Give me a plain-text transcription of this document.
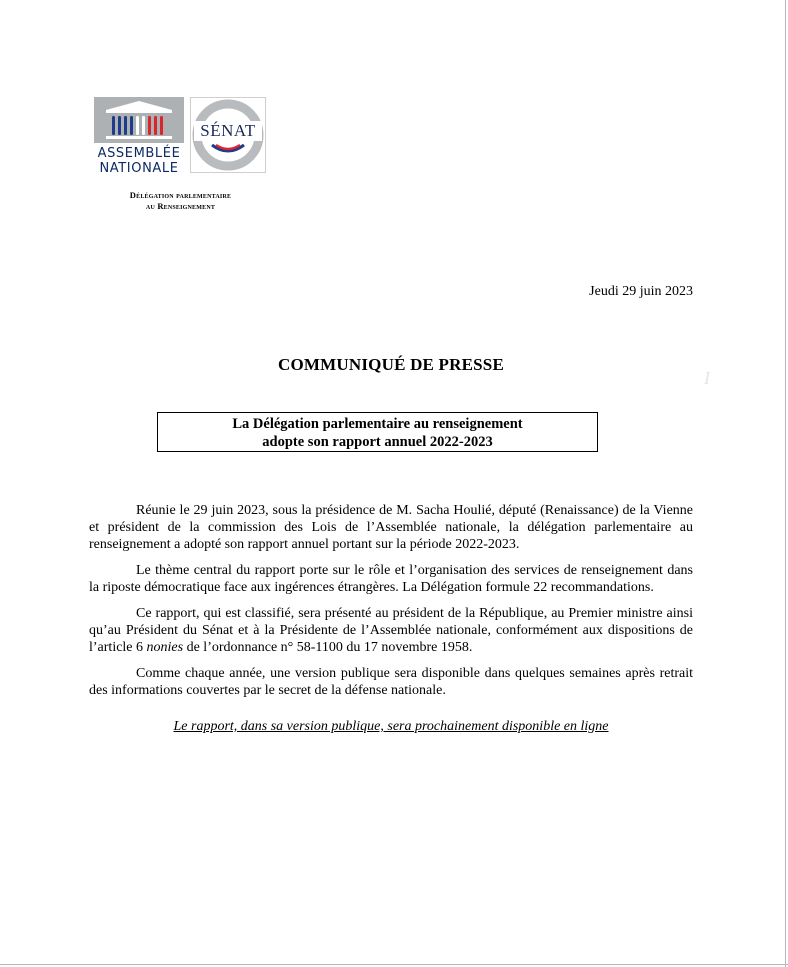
ASSEMBLÉE
NATIONALE
SÉNAT
Délégation parlementaire
au Renseignement
Jeudi 29 juin 2023
COMMUNIQUÉ DE PRESSE
I
La Délégation parlementaire au renseignement
adopte son rapport annuel 2022-2023

Réunie le 29 juin 2023, sous la présidence de M. Sacha Houlié, député (Renaissance) de la Vienne et président de la commission des Lois de l’Assemblée nationale, la délégation parlementaire au renseignement a adopté son rapport annuel portant sur la période 2022-2023.

Le thème central du rapport porte sur le rôle et l’organisation des services de renseignement dans la riposte démocratique face aux ingérences étrangères. La Délégation formule 22 recommandations.

Ce rapport, qui est classifié, sera présenté au président de la République, au Premier ministre ainsi qu’au Président du Sénat et à la Présidente de l’Assemblée nationale, conformément aux dispositions de l’article 6 nonies de l’ordonnance n° 58-1100 du 17 novembre 1958.

Comme chaque année, une version publique sera disponible dans quelques semaines après retrait des informations couvertes par le secret de la défense nationale.

Le rapport, dans sa version publique, sera prochainement disponible en ligne
